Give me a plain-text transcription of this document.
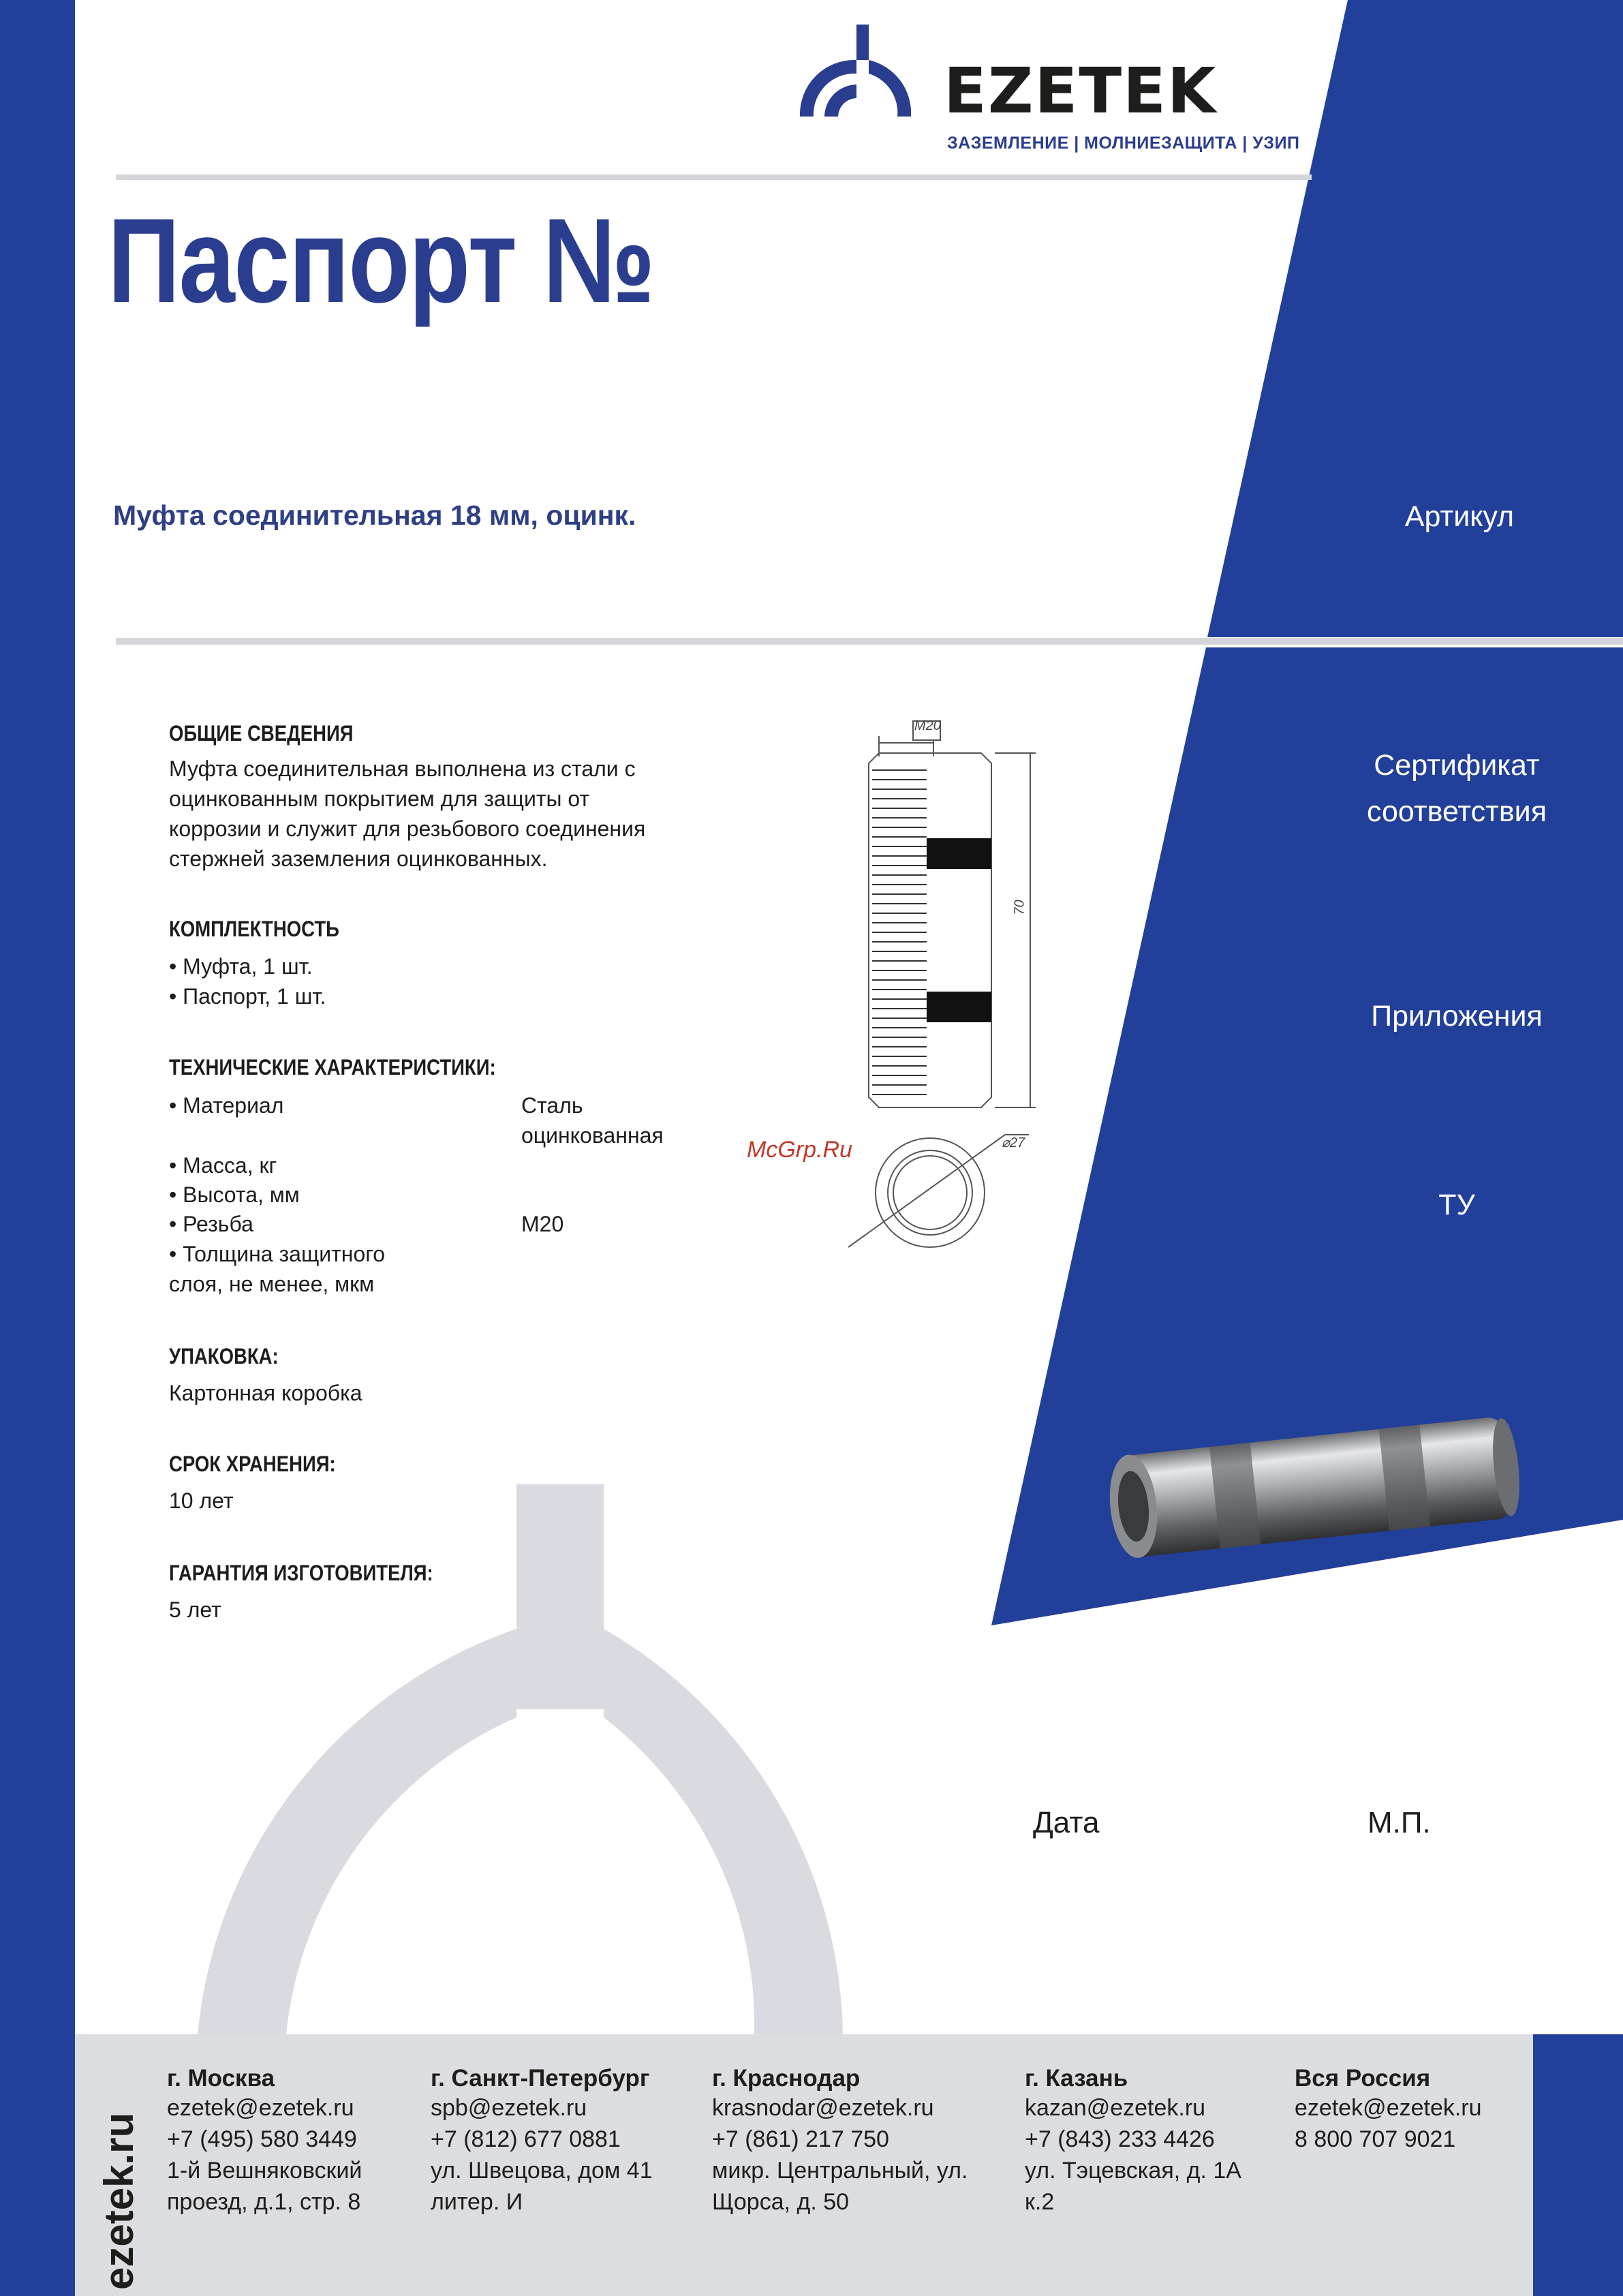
EZETEK
ЗАЗЕМЛЕНИЕ | МОЛНИЕЗАЩИТА | УЗИП
Паспорт №
Муфта соединительная 18 мм, оцинк.	Артикул
Сертификат
соответствия
Приложения
ТУ
ОБЩИЕ СВЕДЕНИЯ
Муфта соединительная выполнена из стали с
оцинкованным покрытием для защиты от
коррозии и служит для резьбового соединения
стержней заземления оцинкованных.
КОМПЛЕКТНОСТЬ
• Муфта, 1 шт.
• Паспорт, 1 шт.
ТЕХНИЧЕСКИЕ ХАРАКТЕРИСТИКИ:
• Материал	Сталь
оцинкованная
• Масса, кг
• Высота, мм
• Резьба	М20
• Толщина защитного
слоя, не менее, мкм
УПАКОВКА:
Картонная коробка
СРОК ХРАНЕНИЯ:
10 лет
ГАРАНТИЯ ИЗГОТОВИТЕЛЯ:
5 лет
M20
70
⌀27
McGrp.Ru
Дата	М.П.
ezetek.ru
г. Москва
ezetek@ezetek.ru
+7 (495) 580 3449
1-й Вешняковский
проезд, д.1, стр. 8
г. Санкт-Петербург
spb@ezetek.ru
+7 (812) 677 0881
ул. Швецова, дом 41
литер. И
г. Краснодар
krasnodar@ezetek.ru
+7 (861) 217 750
микр. Центральный, ул.
Щорса, д. 50
г. Казань
kazan@ezetek.ru
+7 (843) 233 4426
ул. Тэцевская, д. 1А
к.2
Вся Россия
ezetek@ezetek.ru
8 800 707 9021
